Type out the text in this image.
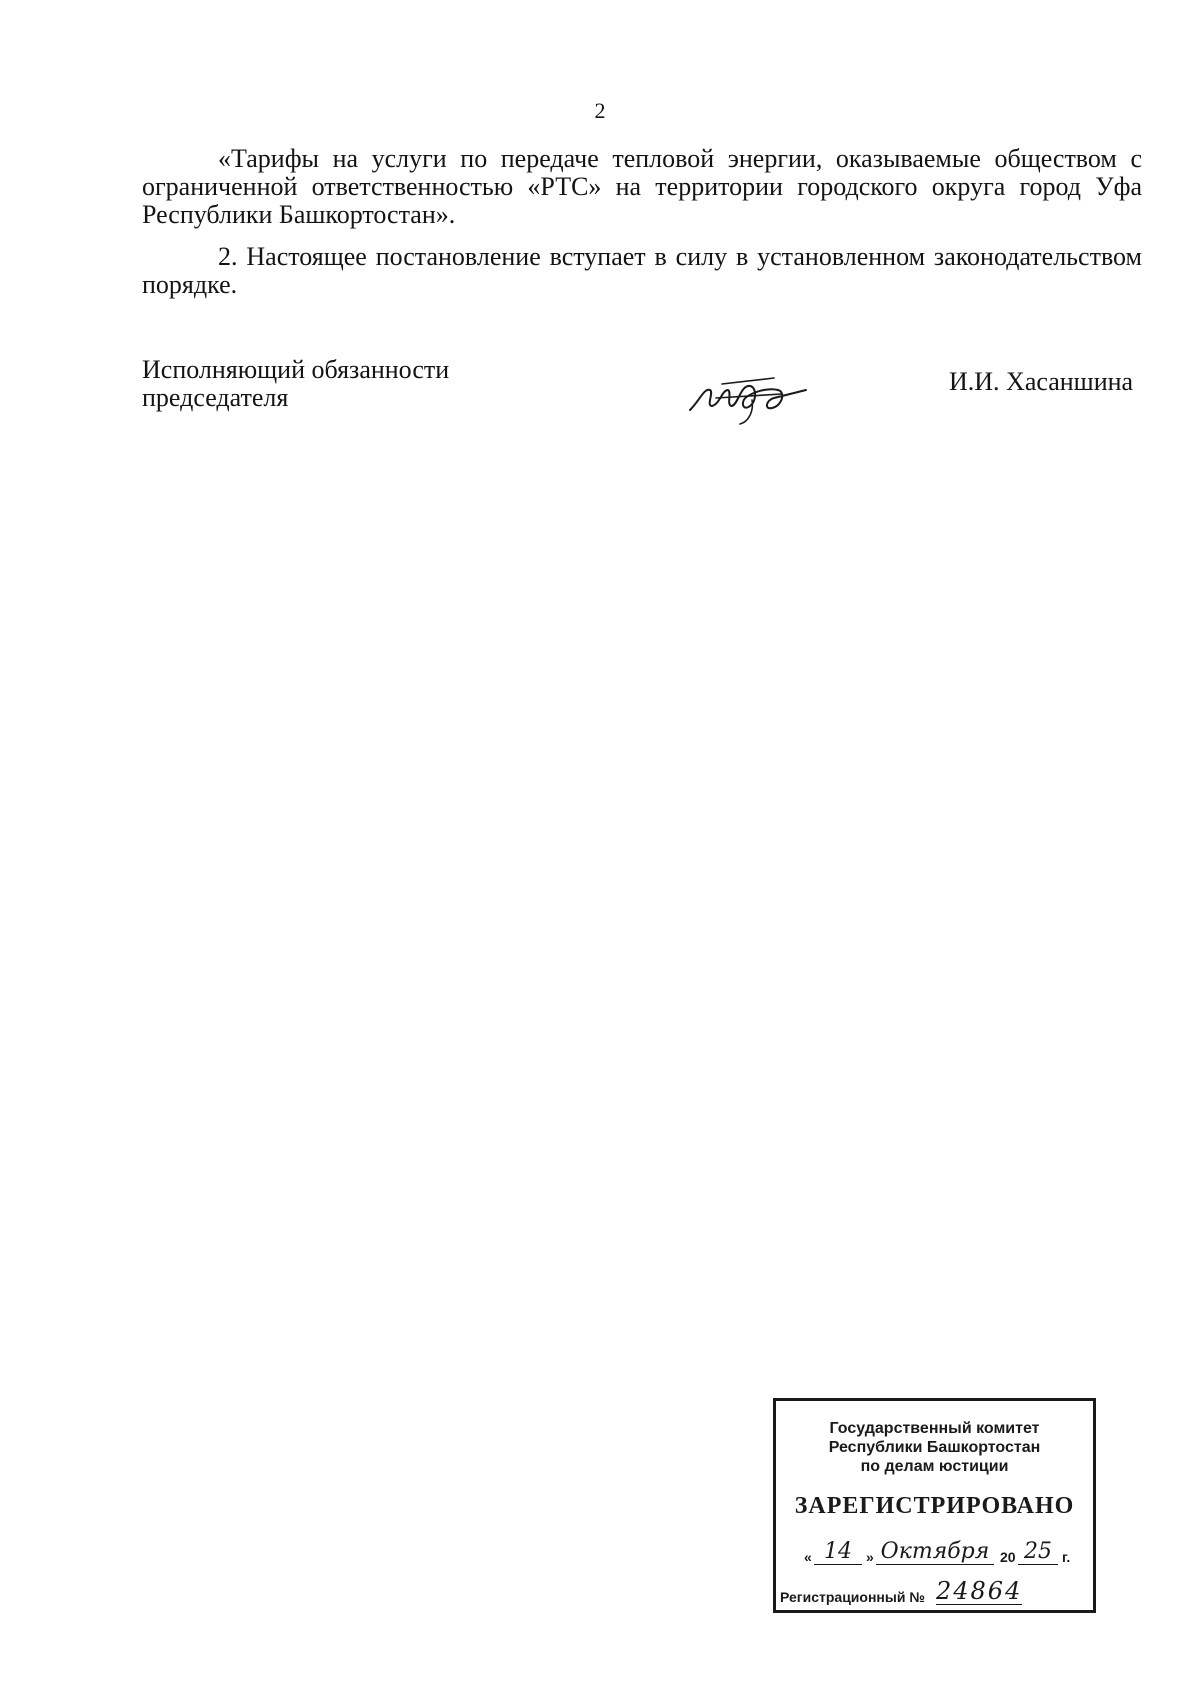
2

«Тарифы на услуги по передаче тепловой энергии, оказываемые обществом с ограниченной ответственностью «РТС» на территории городского округа город Уфа Республики Башкортостан».

2. Настоящее постановление вступает в силу в установленном законодательством порядке.

Исполняющий обязанности
председателя
И.И. Хасаншина
Государственный комитет
Республики Башкортостан
по делам юстиции
ЗАРЕГИСТРИРОВАНО
« 14	» Октября 20 25 г.
Регистрационный № 24864
